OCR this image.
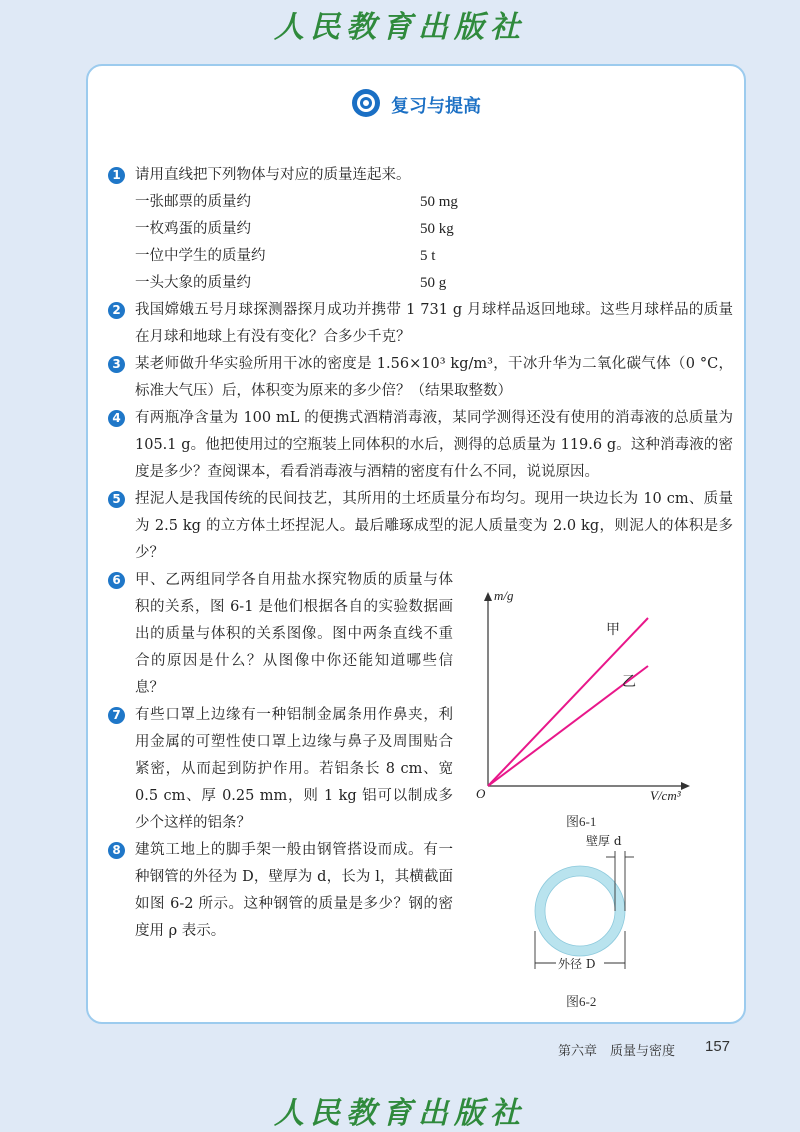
人民教育出版社
复习与提高
1 请用直线把下列物体与对应的质量连起来。
一张邮票的质量约	50 mg
一枚鸡蛋的质量约	50 kg
一位中学生的质量约	5 t
一头大象的质量约	50 g
2 我国嫦娥五号月球探测器探月成功并携带 1 731 g 月球样品返回地球。这些月球样品的质量在月球和地球上有没有变化？合多少千克？
3 某老师做升华实验所用干冰的密度是 1.56×10³ kg/m³，干冰升华为二氧化碳气体（0 °C，标准大气压）后，体积变为原来的多少倍？（结果取整数）
4 有两瓶净含量为 100 mL 的便携式酒精消毒液，某同学测得还没有使用的消毒液的总质量为 105.1 g。他把使用过的空瓶装上同体积的水后，测得的总质量为 119.6 g。这种消毒液的密度是多少？查阅课本，看看消毒液与酒精的密度有什么不同，说说原因。
5 捏泥人是我国传统的民间技艺，其所用的土坯质量分布均匀。现用一块边长为 10 cm、质量为 2.5 kg 的立方体土坯捏泥人。最后雕琢成型的泥人质量变为 2.0 kg，则泥人的体积是多少？
6 甲、乙两组同学各自用盐水探究物质的质量与体积的关系，图 6-1 是他们根据各自的实验数据画出的质量与体积的关系图像。图中两条直线不重合的原因是什么？从图像中你还能知道哪些信息？
7 有些口罩上边缘有一种铝制金属条用作鼻夹，利用金属的可塑性使口罩上边缘与鼻子及周围贴合紧密，从而起到防护作用。若铝条长 8 cm、宽 0.5 cm、厚 0.25 mm，则 1 kg 铝可以制成多少个这样的铝条？
8 建筑工地上的脚手架一般由钢管搭设而成。有一种钢管的外径为 D，壁厚为 d，长为 l，其横截面如图 6-2 所示。这种钢管的质量是多少？钢的密度用 ρ 表示。
m/g
V/cm³
O
甲
乙
图6-1
壁厚 d
外径 D
图6-2
第六章　质量与密度 157
人民教育出版社
